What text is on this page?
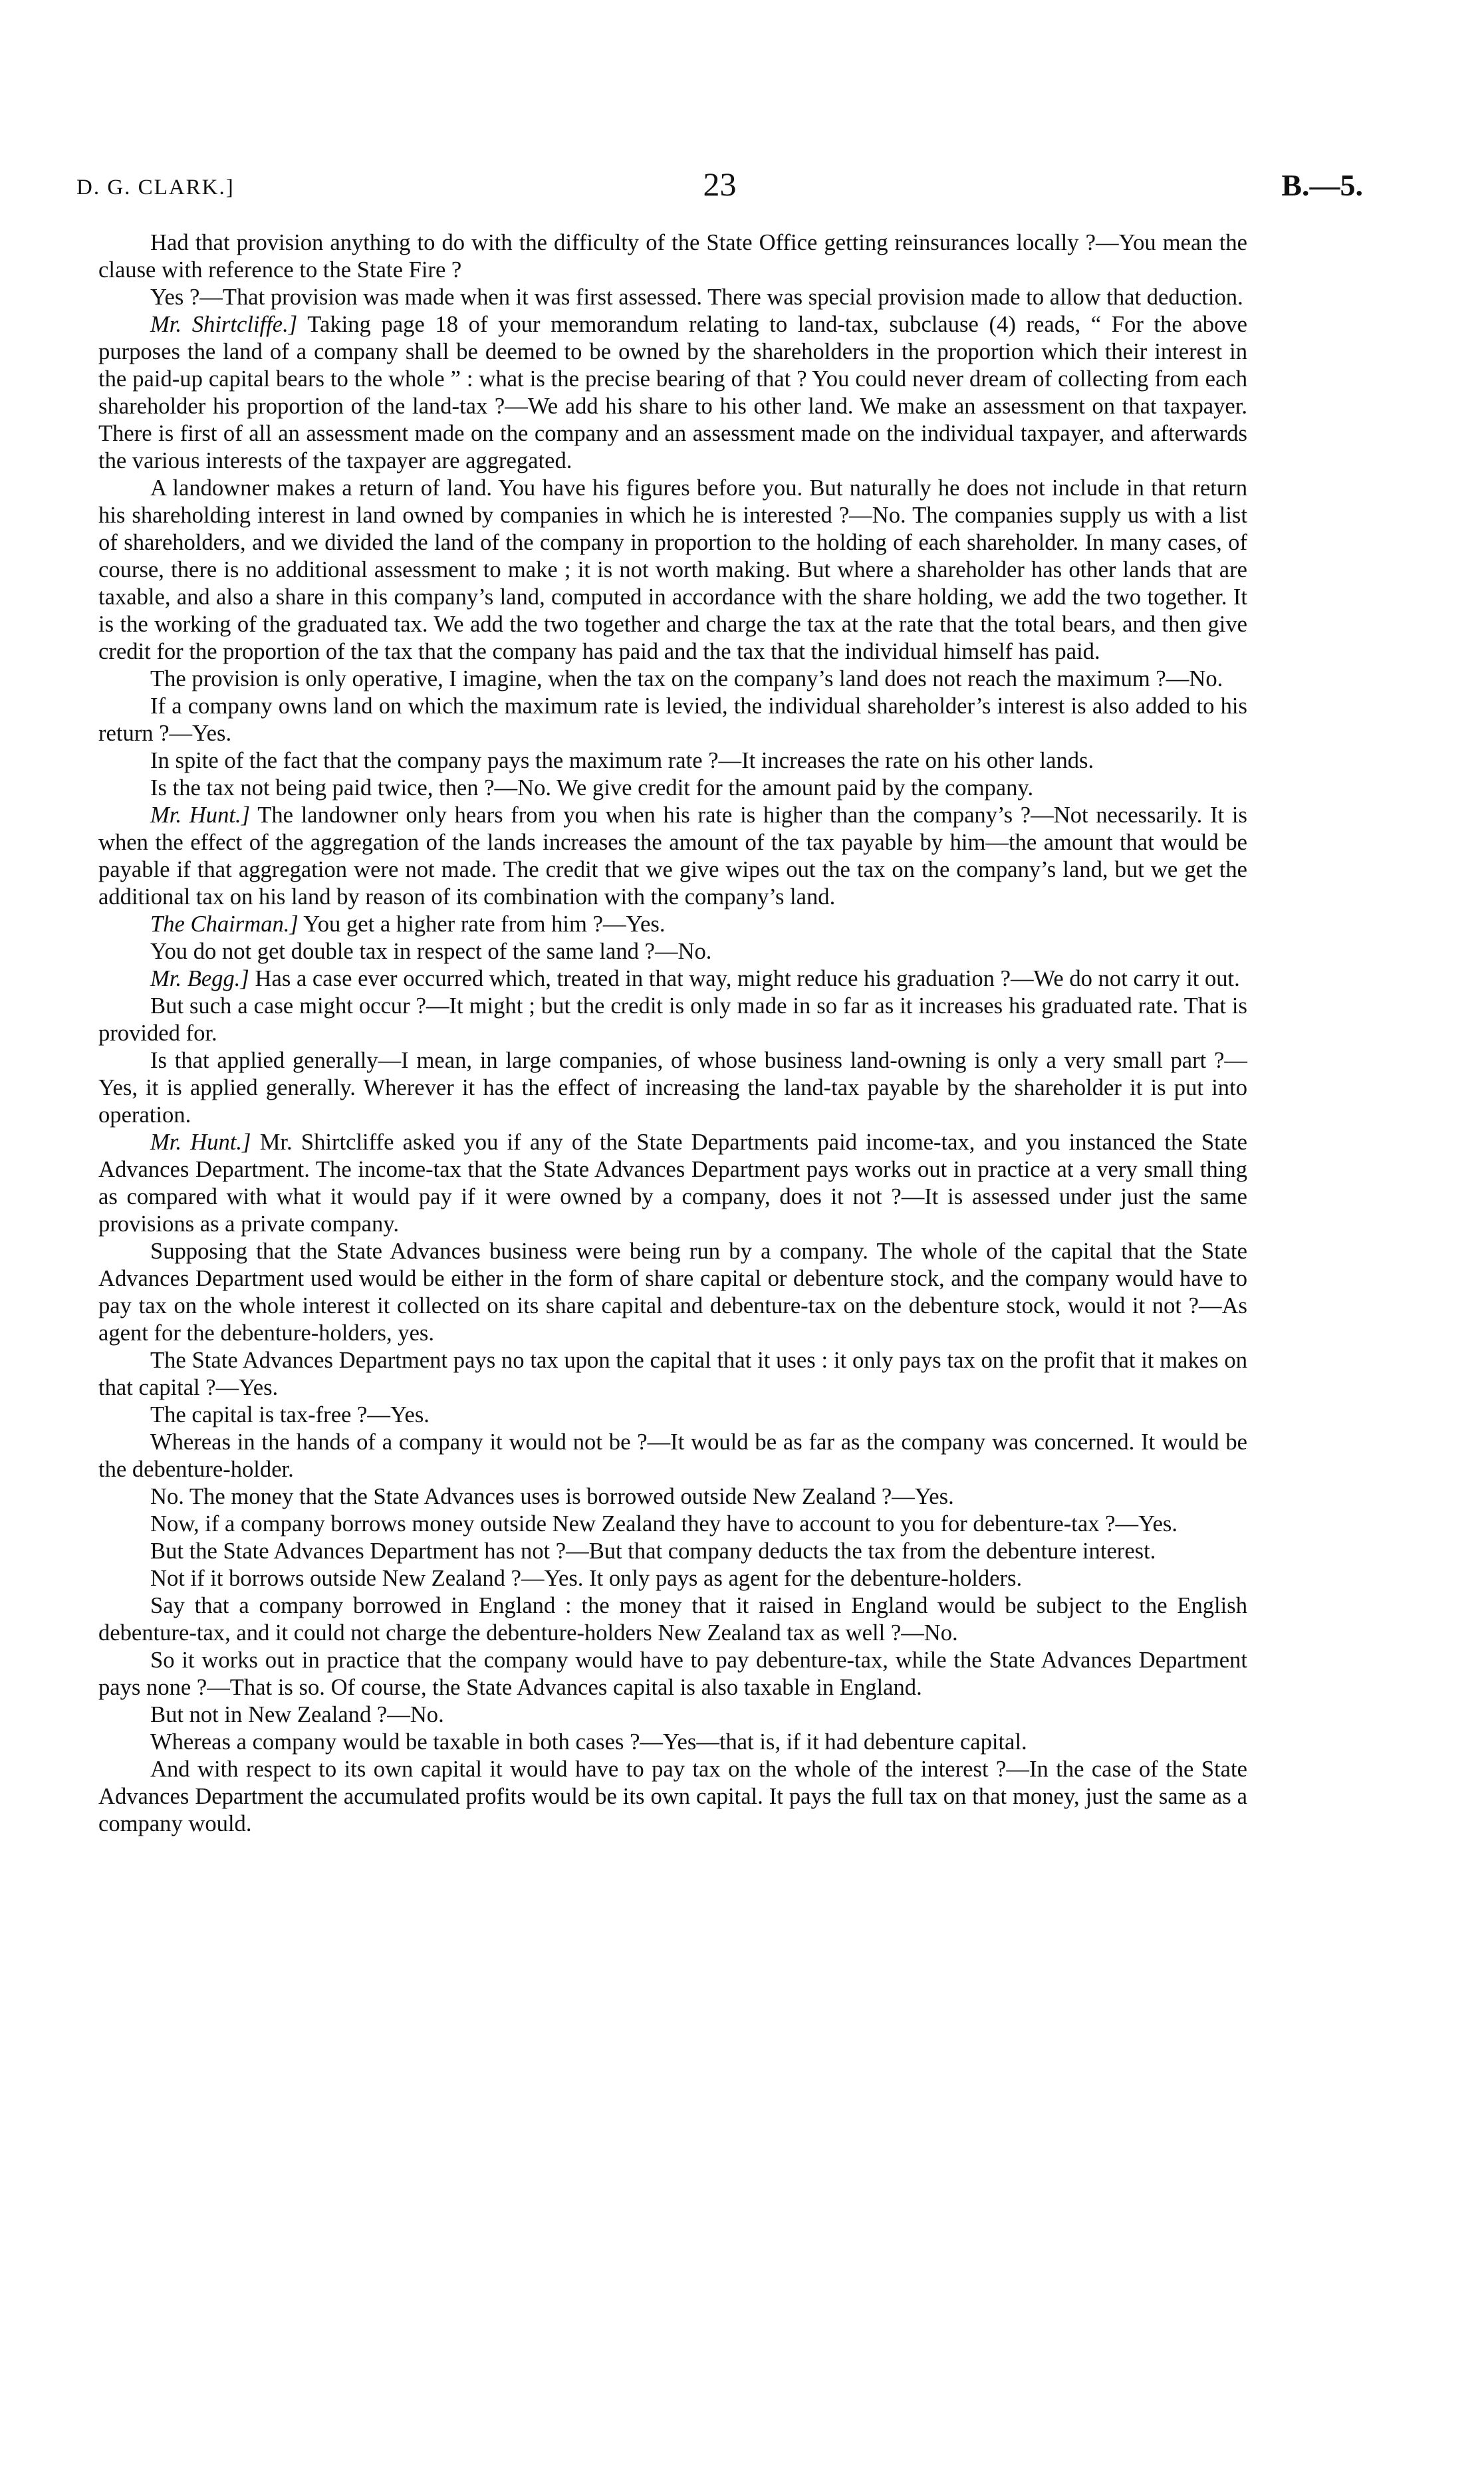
D. G. CLARK.]	23	B.—5.

Had that provision anything to do with the difficulty of the State Office getting reinsurances locally ?—You mean the clause with reference to the State Fire ?

Yes ?—That provision was made when it was first assessed. There was special provision made to allow that deduction.

Mr. Shirtcliffe.] Taking page 18 of your memorandum relating to land-tax, subclause (4) reads, “ For the above purposes the land of a company shall be deemed to be owned by the shareholders in the proportion which their interest in the paid-up capital bears to the whole ” : what is the precise bearing of that ? You could never dream of collecting from each shareholder his proportion of the land-tax ?—We add his share to his other land. We make an assessment on that taxpayer. There is first of all an assessment made on the company and an assessment made on the individual taxpayer, and afterwards the various interests of the taxpayer are aggregated.

A landowner makes a return of land. You have his figures before you. But naturally he does not include in that return his shareholding interest in land owned by companies in which he is interested ?—No. The companies supply us with a list of shareholders, and we divided the land of the company in proportion to the holding of each shareholder. In many cases, of course, there is no additional assessment to make ; it is not worth making. But where a shareholder has other lands that are taxable, and also a share in this company’s land, computed in accordance with the share holding, we add the two together. It is the working of the graduated tax. We add the two together and charge the tax at the rate that the total bears, and then give credit for the proportion of the tax that the company has paid and the tax that the individual himself has paid.

The provision is only operative, I imagine, when the tax on the company’s land does not reach the maximum ?—No.

If a company owns land on which the maximum rate is levied, the individual shareholder’s interest is also added to his return ?—Yes.

In spite of the fact that the company pays the maximum rate ?—It increases the rate on his other lands.

Is the tax not being paid twice, then ?—No. We give credit for the amount paid by the company.

Mr. Hunt.] The landowner only hears from you when his rate is higher than the company’s ?—Not necessarily. It is when the effect of the aggregation of the lands increases the amount of the tax payable by him—the amount that would be payable if that aggregation were not made. The credit that we give wipes out the tax on the company’s land, but we get the additional tax on his land by reason of its combination with the company’s land.

The Chairman.] You get a higher rate from him ?—Yes.

You do not get double tax in respect of the same land ?—No.

Mr. Begg.] Has a case ever occurred which, treated in that way, might reduce his graduation ?—We do not carry it out.

But such a case might occur ?—It might ; but the credit is only made in so far as it increases his graduated rate. That is provided for.

Is that applied generally—I mean, in large companies, of whose business land-owning is only a very small part ?—Yes, it is applied generally. Wherever it has the effect of increasing the land-tax payable by the shareholder it is put into operation.

Mr. Hunt.] Mr. Shirtcliffe asked you if any of the State Departments paid income-tax, and you instanced the State Advances Department. The income-tax that the State Advances Department pays works out in practice at a very small thing as compared with what it would pay if it were owned by a company, does it not ?—It is assessed under just the same provisions as a private company.

Supposing that the State Advances business were being run by a company. The whole of the capital that the State Advances Department used would be either in the form of share capital or debenture stock, and the company would have to pay tax on the whole interest it collected on its share capital and debenture-tax on the debenture stock, would it not ?—As agent for the debenture-holders, yes.

The State Advances Department pays no tax upon the capital that it uses : it only pays tax on the profit that it makes on that capital ?—Yes.

The capital is tax-free ?—Yes.

Whereas in the hands of a company it would not be ?—It would be as far as the company was concerned. It would be the debenture-holder.

No. The money that the State Advances uses is borrowed outside New Zealand ?—Yes.

Now, if a company borrows money outside New Zealand they have to account to you for debenture-tax ?—Yes.

But the State Advances Department has not ?—But that company deducts the tax from the debenture interest.

Not if it borrows outside New Zealand ?—Yes. It only pays as agent for the debenture-holders.

Say that a company borrowed in England : the money that it raised in England would be subject to the English debenture-tax, and it could not charge the debenture-holders New Zealand tax as well ?—No.

So it works out in practice that the company would have to pay debenture-tax, while the State Advances Department pays none ?—That is so. Of course, the State Advances capital is also taxable in England.

But not in New Zealand ?—No.

Whereas a company would be taxable in both cases ?—Yes—that is, if it had debenture capital.

And with respect to its own capital it would have to pay tax on the whole of the interest ?—In the case of the State Advances Department the accumulated profits would be its own capital. It pays the full tax on that money, just the same as a company would.
